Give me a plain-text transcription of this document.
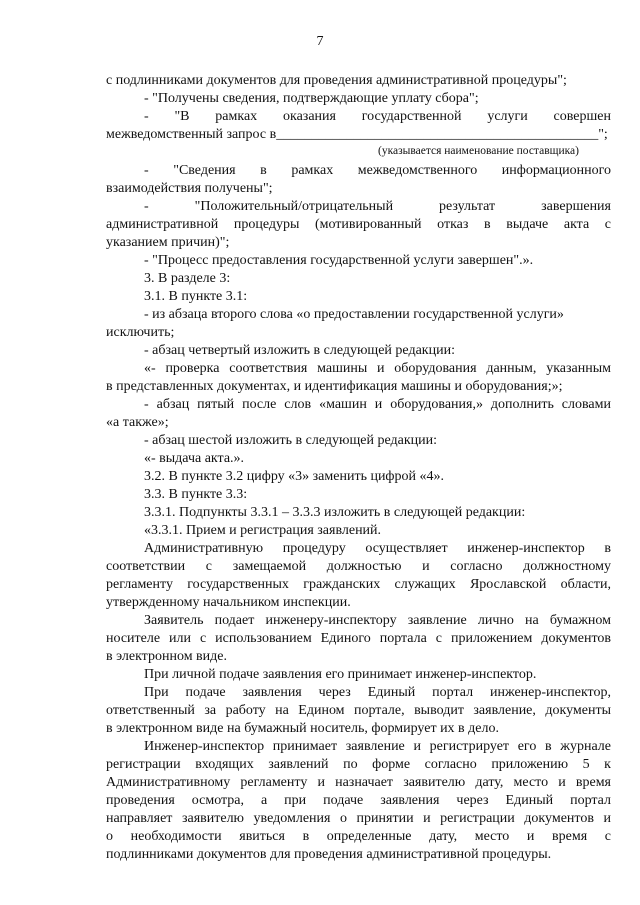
7
с подлинниками документов для проведения административной процедуры";
- "Получены сведения, подтверждающие уплату сбора";
- "В рамках оказания государственной услуги совершен
межведомственный запрос в______________________________________________";
(указывается наименование поставщика)
- "Сведения в рамках межведомственного информационного
взаимодействия получены";
- "Положительный/отрицательный результат завершения
административной процедуры (мотивированный отказ в выдаче акта с
указанием причин)";
- "Процесс предоставления государственной услуги завершен".».
3. В разделе 3:
3.1. В пункте 3.1:
- из абзаца второго слова «о предоставлении государственной услуги»
исключить;
- абзац четвертый изложить в следующей редакции:
«- проверка соответствия машины и оборудования данным, указанным
в представленных документах, и идентификация машины и оборудования;»;
- абзац пятый после слов «машин и оборудования,» дополнить словами
«а также»;
- абзац шестой изложить в следующей редакции:
«- выдача акта.».
3.2. В пункте 3.2 цифру «3» заменить цифрой «4».
3.3. В пункте 3.3:
3.3.1. Подпункты 3.3.1 – 3.3.3 изложить в следующей редакции:
«3.3.1. Прием и регистрация заявлений.
Административную процедуру осуществляет инженер-инспектор в
соответствии с замещаемой должностью и согласно должностному
регламенту государственных гражданских служащих Ярославской области,
утвержденному начальником инспекции.
Заявитель подает инженеру-инспектору заявление лично на бумажном
носителе или с использованием Единого портала с приложением документов
в электронном виде.
При личной подаче заявления его принимает инженер-инспектор.
При подаче заявления через Единый портал инженер-инспектор,
ответственный за работу на Едином портале, выводит заявление, документы
в электронном виде на бумажный носитель, формирует их в дело.
Инженер-инспектор принимает заявление и регистрирует его в журнале
регистрации входящих заявлений по форме согласно приложению 5 к
Административному регламенту и назначает заявителю дату, место и время
проведения осмотра, а при подаче заявления через Единый портал
направляет заявителю уведомления о принятии и регистрации документов и
о необходимости явиться в определенные дату, место и время с
подлинниками документов для проведения административной процедуры.
